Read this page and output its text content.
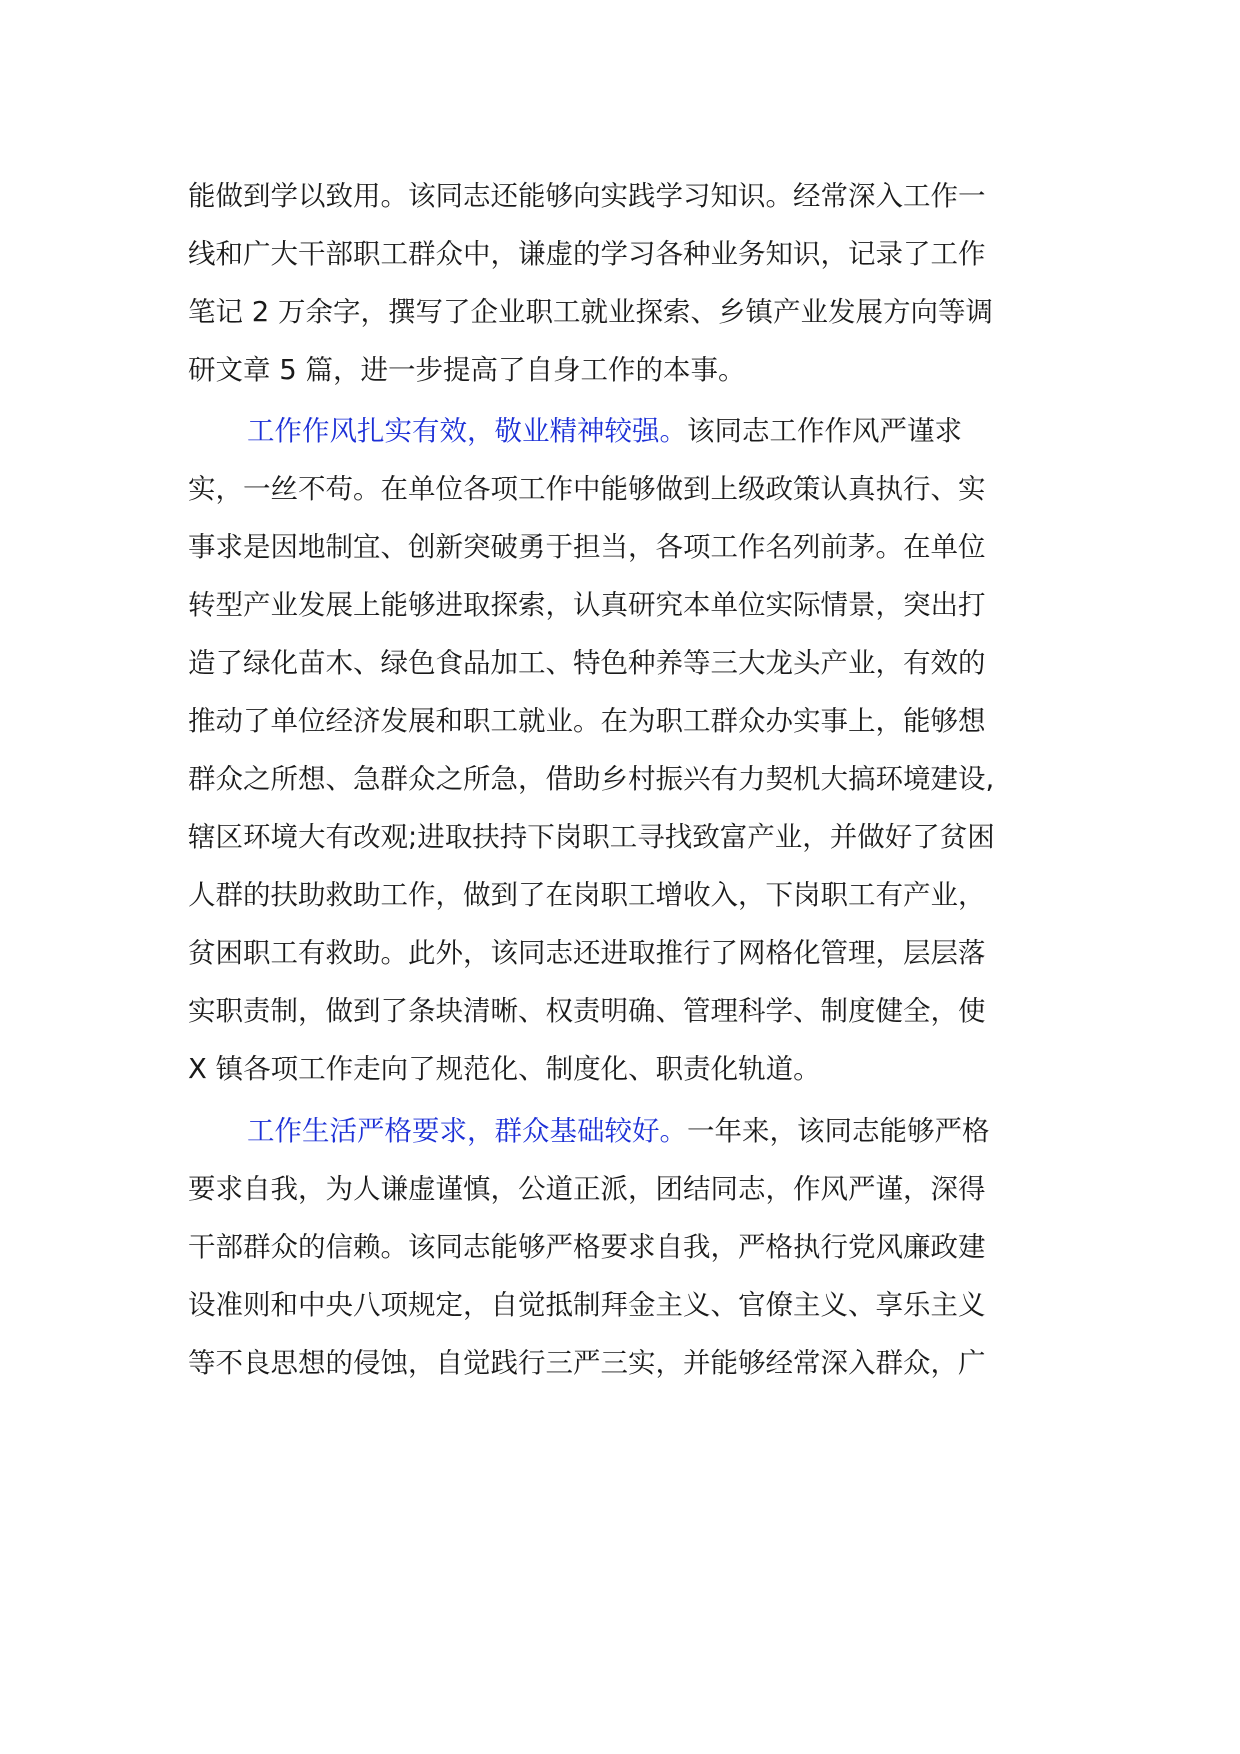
能做到学以致用。该同志还能够向实践学习知识。经常深入工作一
线和广大干部职工群众中，谦虚的学习各种业务知识，记录了工作
笔记 2 万余字，撰写了企业职工就业探索、乡镇产业发展方向等调
研文章 5 篇，进一步提高了自身工作的本事。
工作作风扎实有效，敬业精神较强。该同志工作作风严谨求
实，一丝不苟。在单位各项工作中能够做到上级政策认真执行、实
事求是因地制宜、创新突破勇于担当，各项工作名列前茅。在单位
转型产业发展上能够进取探索，认真研究本单位实际情景，突出打
造了绿化苗木、绿色食品加工、特色种养等三大龙头产业，有效的
推动了单位经济发展和职工就业。在为职工群众办实事上，能够想
群众之所想、急群众之所急，借助乡村振兴有力契机大搞环境建设,
辖区环境大有改观;进取扶持下岗职工寻找致富产业，并做好了贫困
人群的扶助救助工作，做到了在岗职工增收入，下岗职工有产业，
贫困职工有救助。此外，该同志还进取推行了网格化管理，层层落
实职责制，做到了条块清晰、权责明确、管理科学、制度健全，使
X 镇各项工作走向了规范化、制度化、职责化轨道。
工作生活严格要求，群众基础较好。一年来，该同志能够严格
要求自我，为人谦虚谨慎，公道正派，团结同志，作风严谨，深得
干部群众的信赖。该同志能够严格要求自我，严格执行党风廉政建
设准则和中央八项规定，自觉抵制拜金主义、官僚主义、享乐主义
等不良思想的侵蚀，自觉践行三严三实，并能够经常深入群众，广
